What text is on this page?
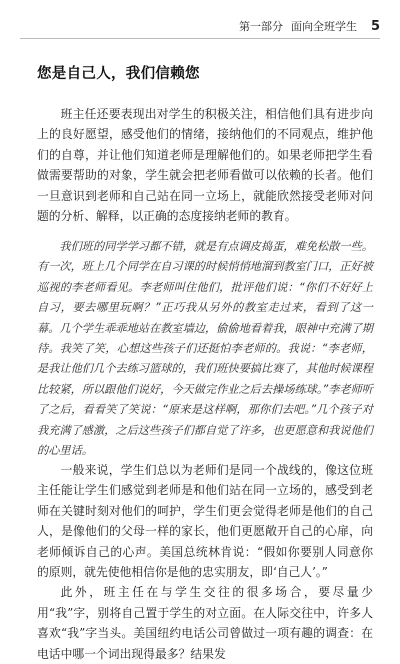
第一部分 面向全班学生 5
您是自己人，我们信赖您

班主任还要表现出对学生的积极关注，相信他们具有进步向上的良好愿望，感受他们的情绪，接纳他们的不同观点，维护他们的自尊，并让他们知道老师是理解他们的。如果老师把学生看做需要帮助的对象，学生就会把老师看做可以依赖的长者。他们一旦意识到老师和自己站在同一立场上，就能欣然接受老师对问题的分析、解释，以正确的态度接纳老师的教育。

我们班的同学学习都不错，就是有点调皮捣蛋，难免松散一些。有一次，班上几个同学在自习课的时候悄悄地溜到教室门口，正好被巡视的李老师看见。李老师叫住他们，批评他们说：“你们不好好上自习，要去哪里玩啊？”正巧我从另外的教室走过来，看到了这一幕。几个学生乖乖地站在教室墙边，偷偷地看着我，眼神中充满了期待。我笑了笑，心想这些孩子们还挺怕李老师的。我说：“李老师，是我让他们几个去练习篮球的，我们班快要搞比赛了，其他时候课程比较紧，所以跟他们说好，今天做完作业之后去操场练球。”李老师听了之后，看看笑了笑说：“原来是这样啊，那你们去吧。”几个孩子对我充满了感激，之后这些孩子们都自觉了许多，也更愿意和我说他们的心里话。

一般来说，学生们总以为老师们是同一个战线的，像这位班主任能让学生们感觉到老师是和他们站在同一立场的，感受到老师在关键时刻对他们的呵护，学生们更会觉得老师是他们的自己人，是像他们的父母一样的家长，他们更愿敞开自己的心扉，向老师倾诉自己的心声。美国总统林肯说：“假如你要别人同意你的原则，就先使他相信你是他的忠实朋友，即‘自己人’。”

此外，班主任在与学生交往的很多场合，要尽量少用“我”字，别将自己置于学生的对立面。在人际交往中，许多人喜欢“我”字当头。美国纽约电话公司曾做过一项有趣的调查：在电话中哪一个词出现得最多？结果发
